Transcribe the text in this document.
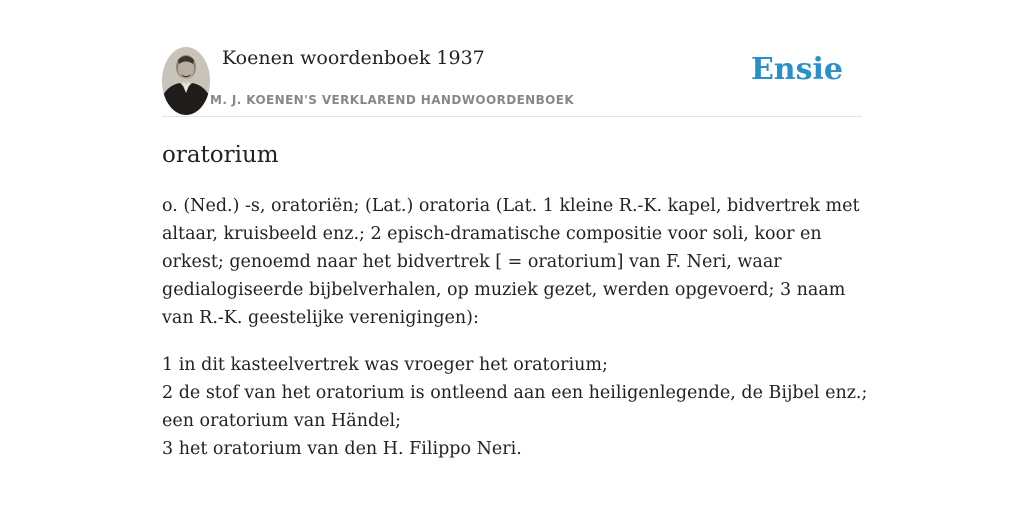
Koenen woordenboek 1937
M. J. KOENEN'S VERKLAREND HANDWOORDENBOEK
Ensie
oratorium

o. (Ned.) -s, oratoriën; (Lat.) oratoria (Lat. 1 kleine R.-K. kapel, bidvertrek met altaar, kruisbeeld enz.; 2 episch-dramatische compositie voor soli, koor en orkest; genoemd naar het bidvertrek [ = oratorium] van F. Neri, waar gedialogiseerde bijbelverhalen, op muziek gezet, werden opgevoerd; 3 naam van R.-K. geestelijke verenigingen):

1 in dit kasteelvertrek was vroeger het oratorium;
2 de stof van het oratorium is ontleend aan een heiligenlegende, de Bijbel enz.;
een oratorium van Händel;
3 het oratorium van den H. Filippo Neri.
